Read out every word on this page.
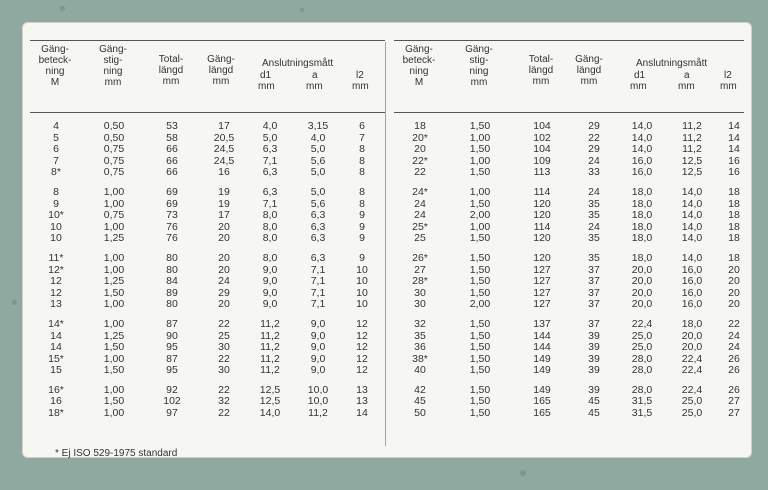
Gäng-
beteck-
ning
M
Gäng-
stig-
ning
mm
Total-
längd
mm
Gäng-
längd
mm
Anslutningsmått
d1	a	l2
mm	mm	mm
4	0,50	53	17	4,0	3,15	6
5	0,50	58	20,5	5,0	4,0	7
6	0,75	66	24,5	6,3	5,0	8
7	0,75	66	24,5	7,1	5,6	8
8*	0,75	66	16	6,3	5,0	8
8	1,00	69	19	6,3	5,0	8
9	1,00	69	19	7,1	5,6	8
10*	0,75	73	17	8,0	6,3	9
10	1,00	76	20	8,0	6,3	9
10	1,25	76	20	8,0	6,3	9
11*	1,00	80	20	8,0	6,3	9
12*	1,00	80	20	9,0	7,1	10
12	1,25	84	24	9,0	7,1	10
12	1,50	89	29	9,0	7,1	10
13	1,00	80	20	9,0	7,1	10
14*	1,00	87	22	11,2	9,0	12
14	1,25	90	25	11,2	9,0	12
14	1,50	95	30	11,2	9,0	12
15*	1,00	87	22	11,2	9,0	12
15	1,50	95	30	11,2	9,0	12
16*	1,00	92	22	12,5	10,0	13
16	1,50	102	32	12,5	10,0	13
18*	1,00	97	22	14,0	11,2	14
Gäng-
beteck-
ning
M
Gäng-
stig-
ning
mm
Total-
längd
mm
Gäng-
längd
mm
Anslutningsmått
d1	a	l2
mm	mm	mm
18	1,50	104	29	14,0	11,2	14
20*	1,00	102	22	14,0	11,2	14
20	1,50	104	29	14,0	11,2	14
22*	1,00	109	24	16,0	12,5	16
22	1,50	113	33	16,0	12,5	16
24*	1,00	114	24	18,0	14,0	18
24	1,50	120	35	18,0	14,0	18
24	2,00	120	35	18,0	14,0	18
25*	1,00	114	24	18,0	14,0	18
25	1,50	120	35	18,0	14,0	18
26*	1,50	120	35	18,0	14,0	18
27	1,50	127	37	20,0	16,0	20
28*	1,50	127	37	20,0	16,0	20
30	1,50	127	37	20,0	16,0	20
30	2,00	127	37	20,0	16,0	20
32	1,50	137	37	22,4	18,0	22
35	1,50	144	39	25,0	20,0	24
36	1,50	144	39	25,0	20,0	24
38*	1,50	149	39	28,0	22,4	26
40	1,50	149	39	28,0	22,4	26
42	1,50	149	39	28,0	22,4	26
45	1,50	165	45	31,5	25,0	27
50	1,50	165	45	31,5	25,0	27
* Ej ISO 529-1975 standard
